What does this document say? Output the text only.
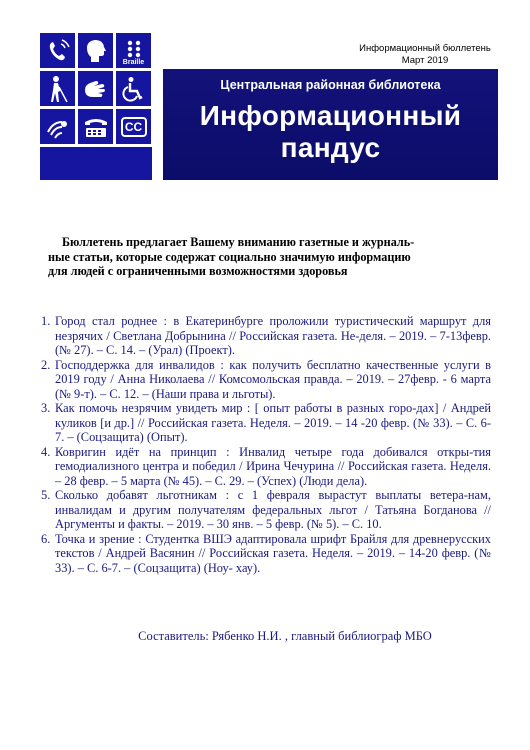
Информационный бюллетень
Март 2019
Braille
CC
Центральная районная библиотека
Информационный пандус
Бюллетень предлагает Вашему вниманию газетные и журналь-
ные статьи, которые содержат социально значимую информацию
для людей с ограниченными возможностями здоровья
1. Город стал роднее : в Екатеринбурге проложили туристический маршрут для незрячих / Светлана Добрынина // Российская газета. Не-деля. – 2019. – 7-13февр. (№ 27). – С. 14. – (Урал) (Проект).
2. Господдержка для инвалидов : как получить бесплатно качественные услуги в 2019 году / Анна Николаева // Комсомольская правда. – 2019. – 27февр. - 6 марта (№ 9-т). – С. 12. – (Наши права и льготы).
3. Как помочь незрячим увидеть мир : [ опыт работы в разных горо-дах] / Андрей куликов [и др.] // Российская газета. Неделя. – 2019. – 14 -20 февр. (№ 33). – С. 6-7. – (Соцзащита) (Опыт).
4. Ковригин идёт на принцип : Инвалид четыре года добивался откры-тия гемодиализного центра и победил / Ирина Чечурина // Российская газета. Неделя. – 28 февр. – 5 марта (№ 45). – С. 29. – (Успех) (Люди дела).
5. Сколько добавят льготникам : с 1 февраля вырастут выплаты ветера-нам, инвалидам и другим получателям федеральных льгот / Татьяна Богданова // Аргументы и факты. – 2019. – 30 янв. – 5 февр. (№ 5). – С. 10.
6. Точка и зрение : Студентка ВШЭ адаптировала шрифт Брайля для древнерусских текстов / Андрей Васянин // Российская газета. Неделя. – 2019. – 14-20 февр. (№ 33). – С. 6-7. – (Соцзащита) (Ноу- хау).
Составитель: Рябенко Н.И. , главный библиограф МБО
